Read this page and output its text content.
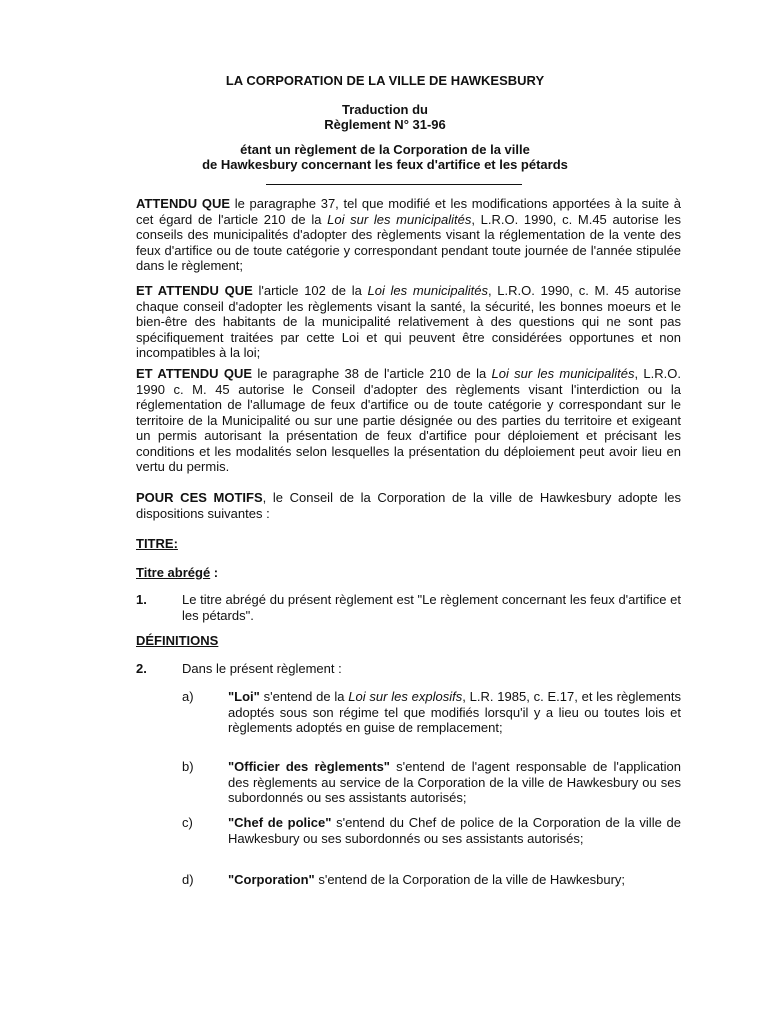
LA CORPORATION DE LA VILLE DE HAWKESBURY
Traduction du
Règlement N° 31-96
étant un règlement de la Corporation de la ville
de Hawkesbury concernant les feux d'artifice et les pétards

ATTENDU QUE le paragraphe 37, tel que modifié et les modifications apportées à la suite à cet égard de l'article 210 de la Loi sur les municipalités, L.R.O. 1990, c. M.45 autorise les conseils des municipalités d'adopter des règlements visant la réglementation de la vente des feux d'artifice ou de toute catégorie y correspondant pendant toute journée de l'année stipulée dans le règlement;

ET ATTENDU QUE l'article 102 de la Loi les municipalités, L.R.O. 1990, c. M. 45 autorise chaque conseil d'adopter les règlements visant la santé, la sécurité, les bonnes moeurs et le bien-être des habitants de la municipalité relativement à des questions qui ne sont pas spécifiquement traitées par cette Loi et qui peuvent être considérées opportunes et non incompatibles à la loi;

ET ATTENDU QUE le paragraphe 38 de l'article 210 de la Loi sur les municipalités, L.R.O. 1990 c. M. 45 autorise le Conseil d'adopter des règlements visant l'interdiction ou la réglementation de l'allumage de feux d'artifice ou de toute catégorie y correspondant sur le territoire de la Municipalité ou sur une partie désignée ou des parties du territoire et exigeant un permis autorisant la présentation de feux d'artifice pour déploiement et précisant les conditions et les modalités selon lesquelles la présentation du déploiement peut avoir lieu en vertu du permis.

POUR CES MOTIFS, le Conseil de la Corporation de la ville de Hawkesbury adopte les dispositions suivantes :

TITRE:
Titre abrégé :
1.	Le titre abrégé du présent règlement est "Le règlement concernant les feux d'artifice et les pétards".

DÉFINITIONS
2.	Dans le présent règlement :

a)	"Loi" s'entend de la Loi sur les explosifs, L.R. 1985, c. E.17, et les règlements adoptés sous son régime tel que modifiés lorsqu'il y a lieu ou toutes lois et règlements adoptés en guise de remplacement;

b)	"Officier des règlements" s'entend de l'agent responsable de l'application des règlements au service de la Corporation de la ville de Hawkesbury ou ses subordonnés ou ses assistants autorisés;

c)	"Chef de police" s'entend du Chef de police de la Corporation de la ville de Hawkesbury ou ses subordonnés ou ses assistants autorisés;

d)	"Corporation" s'entend de la Corporation de la ville de Hawkesbury;
